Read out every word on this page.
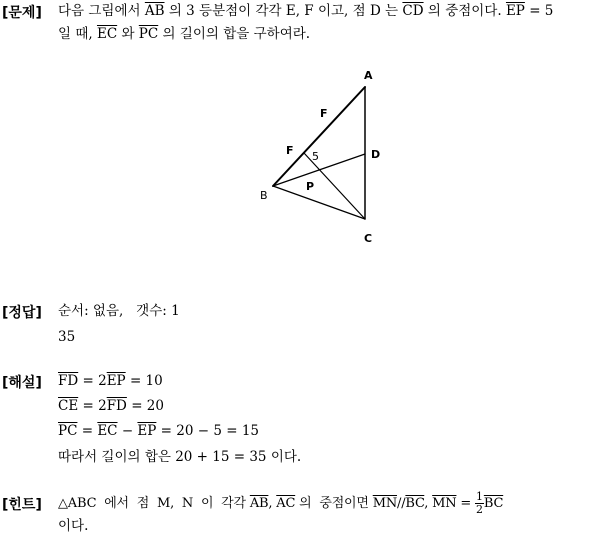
[문제] 다음 그림에서 $\overline{AB}$ 의 3 등분점이 각각 E, F 이고, 점 D 는 $\overline{CD}$ 의 중점이다. $\overline{EP} = 5$
일 때, $\overline{EC}$ 와 $\overline{PC}$ 의 길이의 합을 구하여라.
A
F
F 5	D
P
B
C
[정답] 순서: 없음,   갯수: 1
35
[해설] $\overline{FD} = 2\overline{EP} = 10$
$\overline{CE} = 2\overline{FD} = 20$
$\overline{PC} = \overline{EC} - \overline{EP} = 20 - 5 = 15$
따라서 길이의 합은 20 + 15 = 35 이다.
[힌트] △ABC  에서  점  M,  N  이  각각 $\overline{AB}$, $\overline{AC}$ 의  중점이면 $\overline{MN}//\overline{BC}$, $\overline{MN} = \frac{1}{2} \overline{BC}$
이다.
